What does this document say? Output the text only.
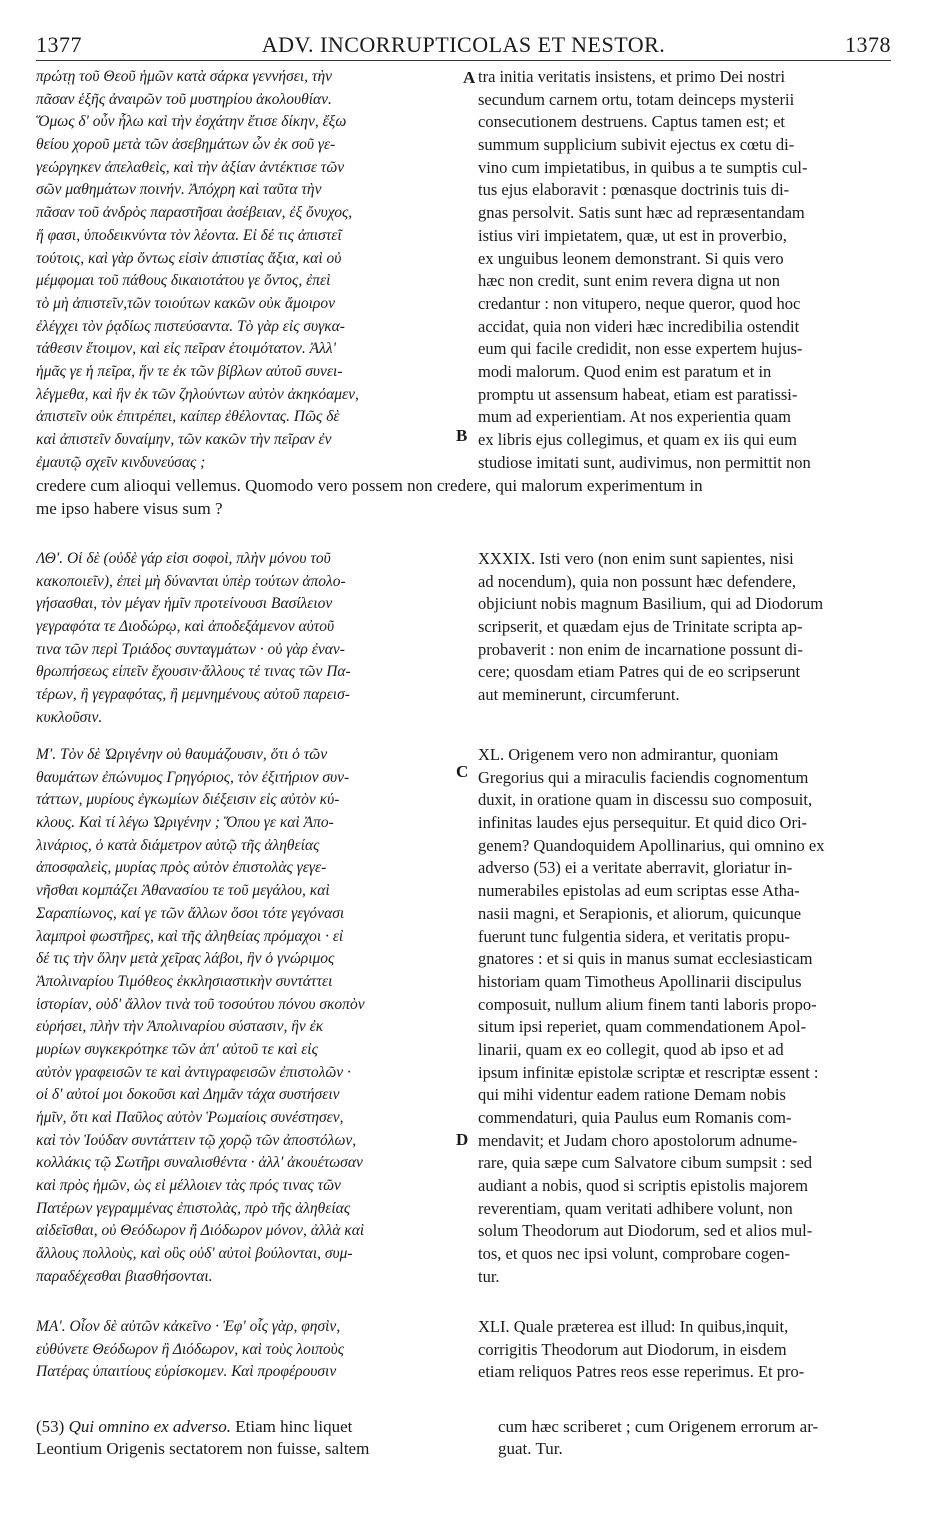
1377	ADV. INCORRUPTICOLAS ET NESTOR.	1378
πρώτῃ τοῦ Θεοῦ ἡμῶν κατὰ σάρκα γεννήσει, τὴν
πᾶσαν ἑξῆς ἀναιρῶν τοῦ μυστηρίου ἀκολουθίαν.
Ὅμως δ' οὖν ἧλω καὶ τὴν ἐσχάτην ἔτισε δίκην, ἔξω
θείου χοροῦ μετὰ τῶν ἀσεβημάτων ὧν ἐκ σοῦ γε-
γεώργηκεν ἀπελαθεὶς, καὶ τὴν ἀξίαν ἀντέκτισε τῶν
σῶν μαθημάτων ποινήν. Ἀπόχρη καὶ ταῦτα τὴν
πᾶσαν τοῦ ἀνδρὸς παραστῆσαι ἀσέβειαν, ἐξ ὄνυχος,
ἥ φασι, ὑποδεικνύντα τὸν λέοντα. Εἰ δέ τις ἀπιστεῖ
τούτοις, καὶ γὰρ ὄντως εἰσὶν ἀπιστίας ἄξια, καὶ οὐ
μέμφομαι τοῦ πάθους δικαιοτάτου γε ὄντος, ἐπεὶ
τὸ μὴ ἀπιστεῖν,τῶν τοιούτων κακῶν οὐκ ἄμοιρον
ἐλέγχει τὸν ῥᾳδίως πιστεύσαντα. Τὸ γὰρ εἰς συγκα-
τάθεσιν ἕτοιμον, καὶ εἰς πεῖραν ἑτοιμότατον. Ἀλλ'
ἡμᾶς γε ἡ πεῖρα, ἥν τε ἐκ τῶν βίβλων αὐτοῦ συνει-
λέγμεθα, καὶ ἣν ἐκ τῶν ζηλούντων αὐτὸν ἀκηκόαμεν,
ἀπιστεῖν οὐκ ἐπιτρέπει, καίπερ ἐθέλοντας. Πῶς δὲ
καὶ ἀπιστεῖν δυναίμην, τῶν κακῶν τὴν πεῖραν ἐν
ἐμαυτῷ σχεῖν κινδυνεύσας ;
tra initia veritatis insistens, et primo Dei nostri
secundum carnem ortu, totam deinceps mysterii
consecutionem destruens. Captus tamen est; et
summum supplicium subivit ejectus ex cœtu di-
vino cum impietatibus, in quibus a te sumptis cul-
tus ejus elaboravit : pœnasque doctrinis tuis di-
gnas persolvit. Satis sunt hæc ad repræsentandam
istius viri impietatem, quæ, ut est in proverbio,
ex unguibus leonem demonstrant. Si quis vero
hæc non credit, sunt enim revera digna ut non
credantur : non vitupero, neque queror, quod hoc
accidat, quia non videri hæc incredibilia ostendit
eum qui facile credidit, non esse expertem hujus-
modi malorum. Quod enim est paratum et in
promptu ut assensum habeat, etiam est paratissi-
mum ad experientiam. At nos experientia quam
ex libris ejus collegimus, et quam ex iis qui eum
studiose imitati sunt, audivimus, non permittit non
credere cum alioqui vellemus. Quomodo vero possem non credere, qui malorum experimentum in
me ipso habere visus sum ?
ΛΘ'. Οἱ δὲ (οὐδὲ γάρ εἰσι σοφοὶ, πλὴν μόνου τοῦ
κακοποιεῖν), ἐπεὶ μὴ δύνανται ὑπὲρ τούτων ἀπολο-
γήσασθαι, τὸν μέγαν ἡμῖν προτείνουσι Βασίλειον
γεγραφότα τε Διοδώρῳ, καὶ ἀποδεξάμενον αὐτοῦ
τινα τῶν περὶ Τριάδος συνταγμάτων · οὐ γὰρ ἐναν-
θρωπήσεως εἰπεῖν ἔχουσιν·ἄλλους τέ τινας τῶν Πα-
τέρων, ἢ γεγραφότας, ἢ μεμνημένους αὐτοῦ παρεισ-
κυκλοῦσιν.
XXXIX. Isti vero (non enim sunt sapientes, nisi
ad nocendum), quia non possunt hæc defendere,
objiciunt nobis magnum Basilium, qui ad Diodorum
scripserit, et quædam ejus de Trinitate scripta ap-
probaverit : non enim de incarnatione possunt di-
cere; quosdam etiam Patres qui de eo scripserunt
aut meminerunt, circumferunt.
Μ'. Τὸν δὲ Ὠριγένην οὐ θαυμάζουσιν, ὅτι ὁ τῶν
θαυμάτων ἐπώνυμος Γρηγόριος, τὸν ἐξιτήριον συν-
τάττων, μυρίους ἐγκωμίων διέξεισιν εἰς αὐτὸν κύ-
κλους. Καὶ τί λέγω Ὠριγένην ; Ὅπου γε καὶ Ἀπο-
λινάριος, ὁ κατὰ διάμετρον αὐτῷ τῆς ἀληθείας
ἀποσφαλεὶς, μυρίας πρὸς αὐτὸν ἐπιστολὰς γεγε-
νῆσθαι κομπάζει Ἀθανασίου τε τοῦ μεγάλου, καὶ
Σαραπίωνος, καί γε τῶν ἄλλων ὅσοι τότε γεγόνασι
λαμπροὶ φωστῆρες, καὶ τῆς ἀληθείας πρόμαχοι · εἰ
δέ τις τὴν ὅλην μετὰ χεῖρας λάβοι, ἣν ὁ γνώριμος
Ἀπολιναρίου Τιμόθεος ἐκκλησιαστικὴν συντάττει
ἱστορίαν, οὐδ' ἄλλον τινὰ τοῦ τοσούτου πόνου σκοπὸν
εὑρήσει, πλὴν τὴν Ἀπολιναρίου σύστασιν, ἣν ἐκ
μυρίων συγκεκρότηκε τῶν ἀπ' αὐτοῦ τε καὶ εἰς
αὐτὸν γραφεισῶν τε καὶ ἀντιγραφεισῶν ἐπιστολῶν ·
οἱ δ' αὐτοί μοι δοκοῦσι καὶ Δημᾶν τάχα συστήσειν
ἡμῖν, ὅτι καὶ Παῦλος αὐτὸν Ῥωμαίοις συνέστησεν,
καὶ τὸν Ἰούδαν συντάττειν τῷ χορῷ τῶν ἀποστόλων,
κολλάκις τῷ Σωτῆρι συναλισθέντα · ἀλλ' ἀκουέτωσαν
καὶ πρὸς ἡμῶν, ὡς εἰ μέλλοιεν τὰς πρός τινας τῶν
Πατέρων γεγραμμένας ἐπιστολὰς, πρὸ τῆς ἀληθείας
αἰδεῖσθαι, οὐ Θεόδωρον ἢ Διόδωρον μόνον, ἀλλὰ καὶ
ἄλλους πολλοὺς, καὶ οὓς οὐδ' αὐτοὶ βούλονται, συμ-
παραδέχεσθαι βιασθήσονται.
XL. Origenem vero non admirantur, quoniam
Gregorius qui a miraculis faciendis cognomentum
duxit, in oratione quam in discessu suo composuit,
infinitas laudes ejus persequitur. Et quid dico Ori-
genem? Quandoquidem Apollinarius, qui omnino ex
adverso (53) ei a veritate aberravit, gloriatur in-
numerabiles epistolas ad eum scriptas esse Atha-
nasii magni, et Serapionis, et aliorum, quicunque
fuerunt tunc fulgentia sidera, et veritatis propu-
gnatores : et si quis in manus sumat ecclesiasticam
historiam quam Timotheus Apollinarii discipulus
composuit, nullum alium finem tanti laboris propo-
situm ipsi reperiet, quam commendationem Apol-
linarii, quam ex eo collegit, quod ab ipso et ad
ipsum infinitæ epistolæ scriptæ et rescriptæ essent :
qui mihi videntur eadem ratione Demam nobis
commendaturi, quia Paulus eum Romanis com-
mendavit; et Judam choro apostolorum adnume-
rare, quia sæpe cum Salvatore cibum sumpsit : sed
audiant a nobis, quod si scriptis epistolis majorem
reverentiam, quam veritati adhibere volunt, non
solum Theodorum aut Diodorum, sed et alios mul-
tos, et quos nec ipsi volunt, comprobare cogen-
tur.
ΜΑ'. Οἷον δὲ αὐτῶν κἀκεῖνο · Ἐφ' οἷς γὰρ, φησὶν,
εὐθύνετε Θεόδωρον ἢ Διόδωρον, καὶ τοὺς λοιποὺς
Πατέρας ὑπαιτίους εὑρίσκομεν. Καὶ προφέρουσιν
XLI. Quale præterea est illud: In quibus,inquit,
corrigitis Theodorum aut Diodorum, in eisdem
etiam reliquos Patres reos esse reperimus. Et pro-
A
B
C
D
(53) Qui omnino ex adverso. Etiam hinc liquet
Leontium Origenis sectatorem non fuisse, saltem
cum hæc scriberet ; cum Origenem errorum ar-
guat. Tur.
